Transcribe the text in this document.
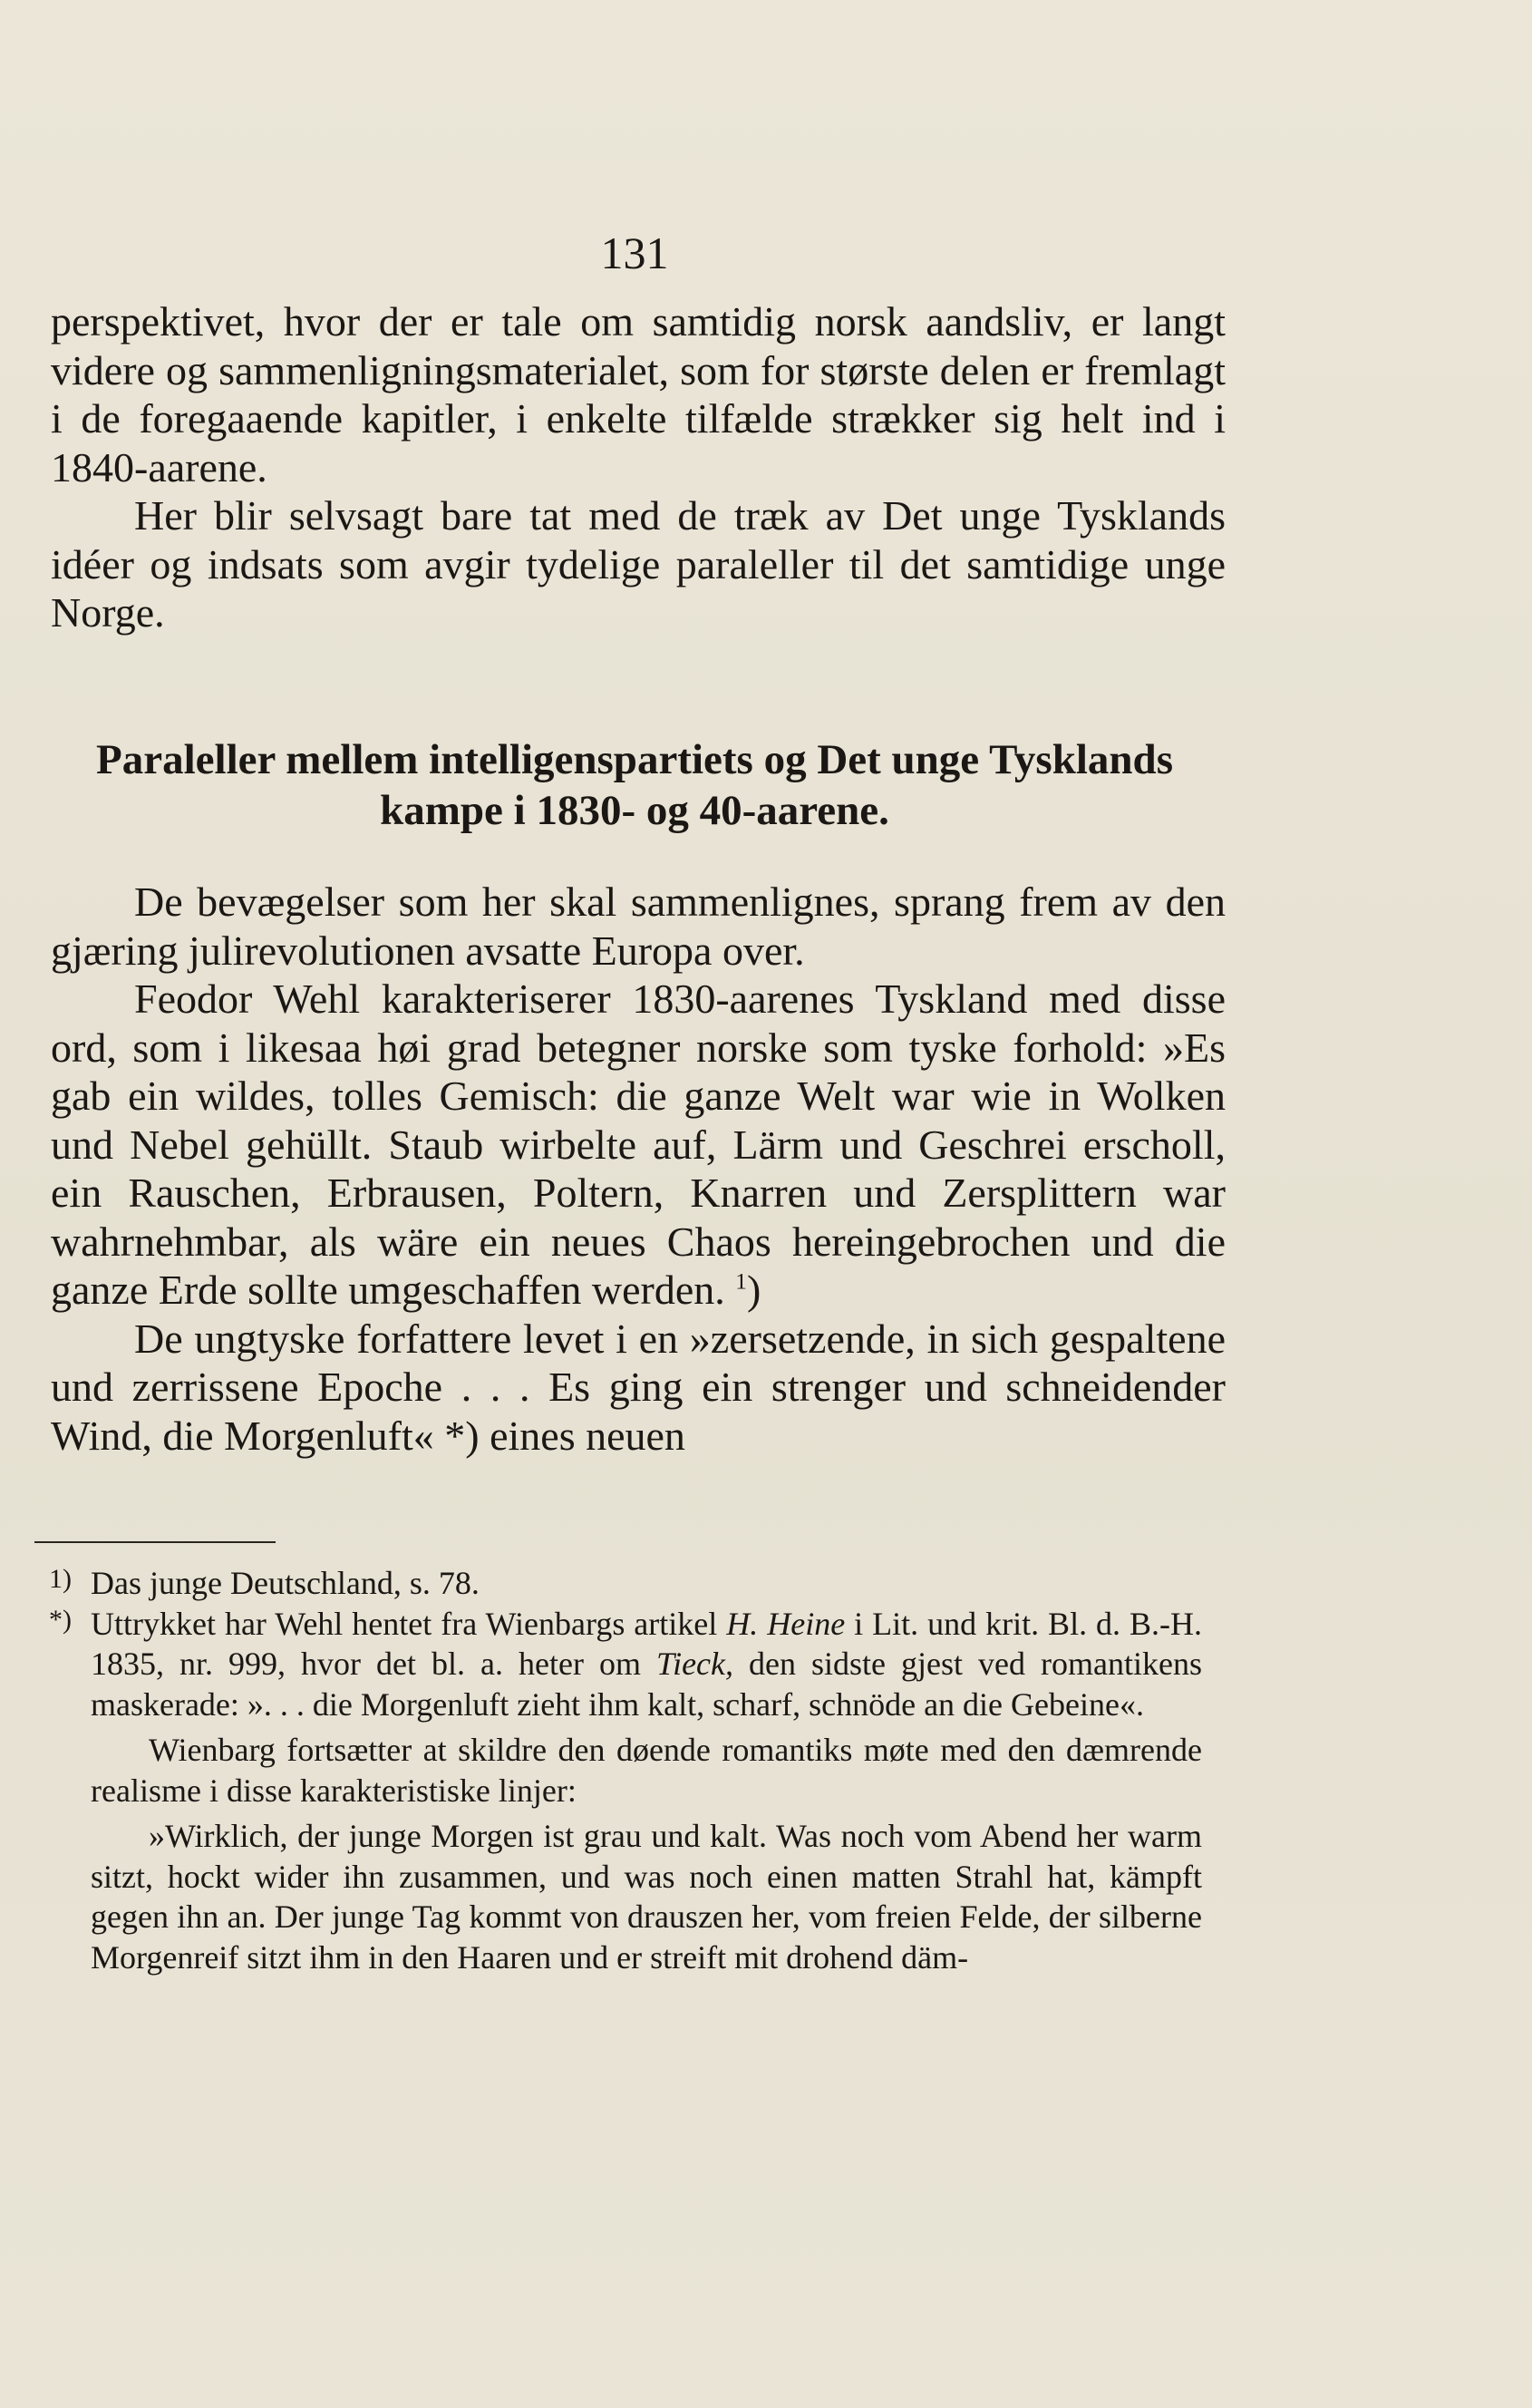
131

perspektivet, hvor der er tale om samtidig norsk aandsliv, er langt videre og sammenligningsmaterialet, som for største delen er fremlagt i de foregaaende kapitler, i enkelte tilfælde strækker sig helt ind i 1840-aarene.

Her blir selvsagt bare tat med de træk av Det unge Tysklands idéer og indsats som avgir tydelige paraleller til det samtidige unge Norge.

Paraleller mellem intelligenspartiets og Det unge Tysklands
kampe i 1830- og 40-aarene.

De bevægelser som her skal sammenlignes, sprang frem av den gjæring julirevolutionen avsatte Europa over.

Feodor Wehl karakteriserer 1830-aarenes Tyskland med disse ord, som i likesaa høi grad betegner norske som tyske forhold: »Es gab ein wildes, tolles Gemisch: die ganze Welt war wie in Wolken und Nebel gehüllt. Staub wirbelte auf, Lärm und Geschrei erscholl, ein Rauschen, Erbrausen, Poltern, Knarren und Zersplittern war wahrnehmbar, als wäre ein neues Chaos hereingebrochen und die ganze Erde sollte umgeschaffen werden. $^1$)

De ungtyske forfattere levet i en »zersetzende, in sich gespaltene und zerrissene Epoche . . . Es ging ein strenger und schneidender Wind, die Morgenluft« *) eines neuen

1) Das junge Deutschland, s. 78.

*) Uttrykket har Wehl hentet fra Wienbargs artikel H. Heine i Lit. und krit. Bl. d. B.-H. 1835, nr. 999, hvor det bl. a. heter om Tieck, den sidste gjest ved romantikens maskerade: ». . . die Morgenluft zieht ihm kalt, scharf, schnöde an die Gebeine«.

Wienbarg fortsætter at skildre den døende romantiks møte med den dæmrende realisme i disse karakteristiske linjer:

»Wirklich, der junge Morgen ist grau und kalt. Was noch vom Abend her warm sitzt, hockt wider ihn zusammen, und was noch einen matten Strahl hat, kämpft gegen ihn an. Der junge Tag kommt von drauszen her, vom freien Felde, der silberne Morgenreif sitzt ihm in den Haaren und er streift mit drohend däm-
